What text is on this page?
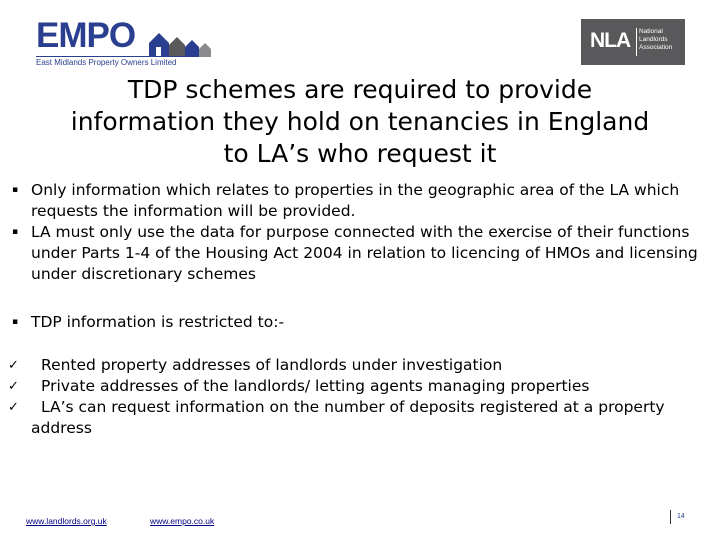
EMPO
East Midlands Property Owners Limited
NLA National
Landlords
Association
TDP schemes are required to provide
information they hold on tenancies in England
to LA’s who request it
▪ Only information which relates to properties in the geographic area of the LA which requests the information will be provided.
▪ LA must only use the data for purpose connected with the exercise of their functions under Parts 1-4 of the Housing Act 2004 in relation to licencing of HMOs and licensing under discretionary schemes
▪ TDP information is restricted to:-
✓ Rented property addresses of landlords under investigation
✓ Private addresses of the landlords/ letting agents managing properties
✓ LA’s can request information on the number of deposits registered at a property address
www.landlords.org.uk	www.empo.co.uk	14
